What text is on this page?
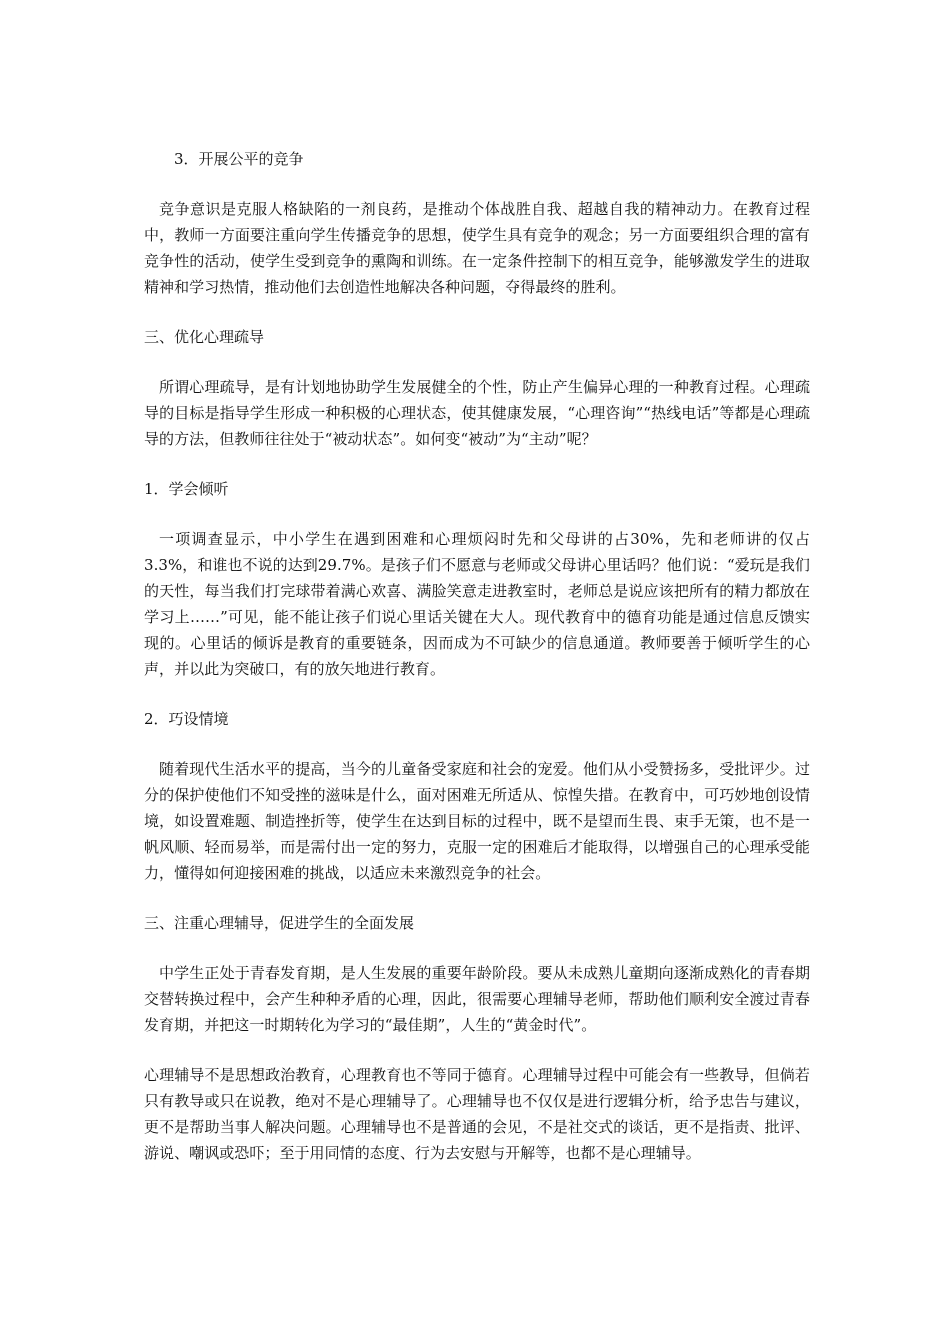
3．开展公平的竞争

竞争意识是克服人格缺陷的一剂良药，是推动个体战胜自我、超越自我的精神动力。在教育过程中，教师一方面要注重向学生传播竞争的思想，使学生具有竞争的观念；另一方面要组织合理的富有竞争性的活动，使学生受到竞争的熏陶和训练。在一定条件控制下的相互竞争，能够激发学生的进取精神和学习热情，推动他们去创造性地解决各种问题，夺得最终的胜利。

三、优化心理疏导

所谓心理疏导，是有计划地协助学生发展健全的个性，防止产生偏异心理的一种教育过程。心理疏导的目标是指导学生形成一种积极的心理状态，使其健康发展，“心理咨询”“热线电话”等都是心理疏导的方法，但教师往往处于“被动状态”。如何变“被动”为“主动”呢？

1．学会倾听

一项调查显示，中小学生在遇到困难和心理烦闷时先和父母讲的占30%，先和老师讲的仅占3.3%，和谁也不说的达到29.7%。是孩子们不愿意与老师或父母讲心里话吗？他们说：“爱玩是我们的天性，每当我们打完球带着满心欢喜、满脸笑意走进教室时，老师总是说应该把所有的精力都放在学习上……”可见，能不能让孩子们说心里话关键在大人。现代教育中的德育功能是通过信息反馈实现的。心里话的倾诉是教育的重要链条，因而成为不可缺少的信息通道。教师要善于倾听学生的心声，并以此为突破口，有的放矢地进行教育。

2．巧设情境

随着现代生活水平的提高，当今的儿童备受家庭和社会的宠爱。他们从小受赞扬多，受批评少。过分的保护使他们不知受挫的滋味是什么，面对困难无所适从、惊惶失措。在教育中，可巧妙地创设情境，如设置难题、制造挫折等，使学生在达到目标的过程中，既不是望而生畏、束手无策，也不是一帆风顺、轻而易举，而是需付出一定的努力，克服一定的困难后才能取得，以增强自己的心理承受能力，懂得如何迎接困难的挑战，以适应未来激烈竞争的社会。

三、注重心理辅导，促进学生的全面发展

中学生正处于青春发育期，是人生发展的重要年龄阶段。要从未成熟儿童期向逐渐成熟化的青春期交替转换过程中，会产生种种矛盾的心理，因此，很需要心理辅导老师，帮助他们顺利安全渡过青春发育期，并把这一时期转化为学习的“最佳期”，人生的“黄金时代”。

心理辅导不是思想政治教育，心理教育也不等同于德育。心理辅导过程中可能会有一些教导，但倘若只有教导或只在说教，绝对不是心理辅导了。心理辅导也不仅仅是进行逻辑分析，给予忠告与建议，更不是帮助当事人解决问题。心理辅导也不是普通的会见，不是社交式的谈话，更不是指责、批评、游说、嘲讽或恐吓；至于用同情的态度、行为去安慰与开解等，也都不是心理辅导。
